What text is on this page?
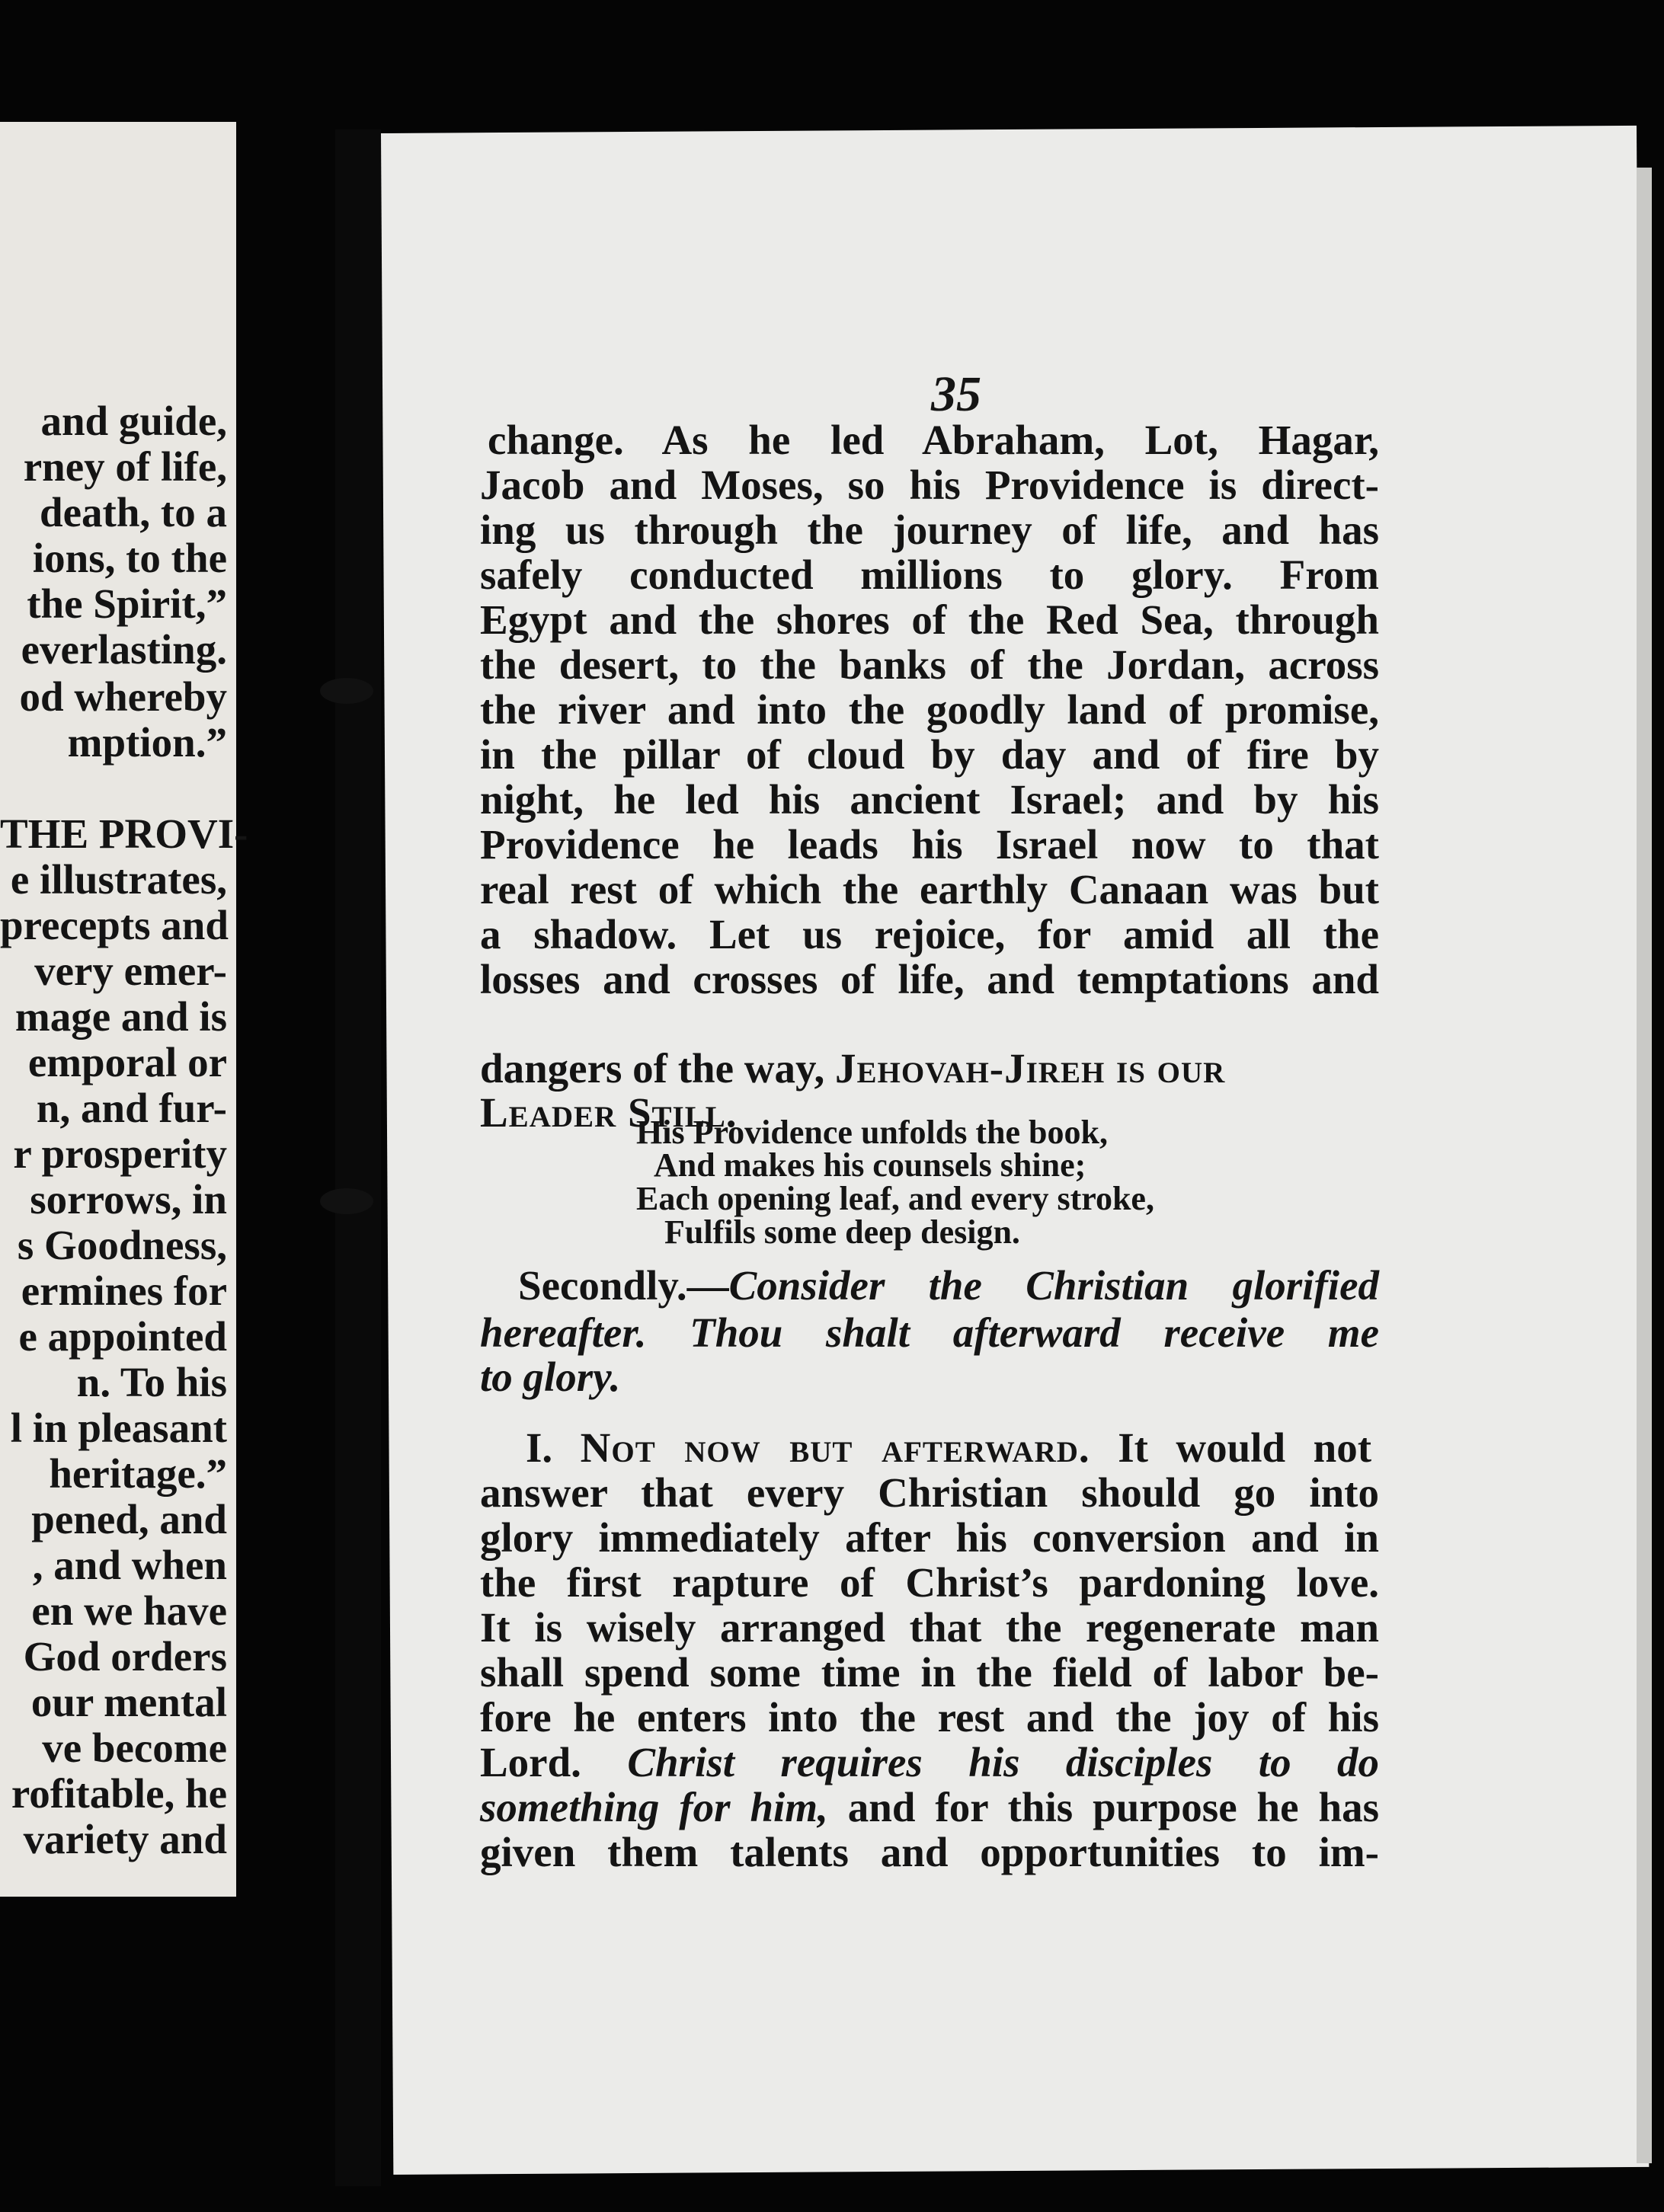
and guide,
rney of life,
death, to a
ions, to the
the Spirit,”
everlasting.
od whereby
mption.”
THE PROVI-
e illustrates,
precepts and
very emer-
mage and is
emporal or
n, and fur-
r prosperity
sorrows, in
s Goodness,
ermines for
e appointed
n. To his
l in pleasant
heritage.”
pened, and
, and when
en we have
God orders
our mental
ve become
rofitable, he
variety and
35
change. As he led Abraham, Lot, Hagar,
Jacob and Moses, so his Providence is direct-
ing us through the journey of life, and has
safely conducted millions to glory. From
Egypt and the shores of the Red Sea, through
the desert, to the banks of the Jordan, across
the river and into the goodly land of promise,
in the pillar of cloud by day and of fire by
night, he led his ancient Israel; and by his
Providence he leads his Israel now to that
real rest of which the earthly Canaan was but
a shadow. Let us rejoice, for amid all the
losses and crosses of life, and temptations and
dangers of the way, Jehovah-Jireh is our
Leader Still.
His Providence unfolds the book,
And makes his counsels shine;
Each opening leaf, and every stroke,
Fulfils some deep design.
Secondly.—Consider the Christian glorified
hereafter. Thou shalt afterward receive me
to glory.
I. Not now but afterward. It would not
answer that every Christian should go into
glory immediately after his conversion and in
the first rapture of Christ’s pardoning love.
It is wisely arranged that the regenerate man
shall spend some time in the field of labor be-
fore he enters into the rest and the joy of his
Lord. Christ requires his disciples to do
something for him, and for this purpose he has
given them talents and opportunities to im-
